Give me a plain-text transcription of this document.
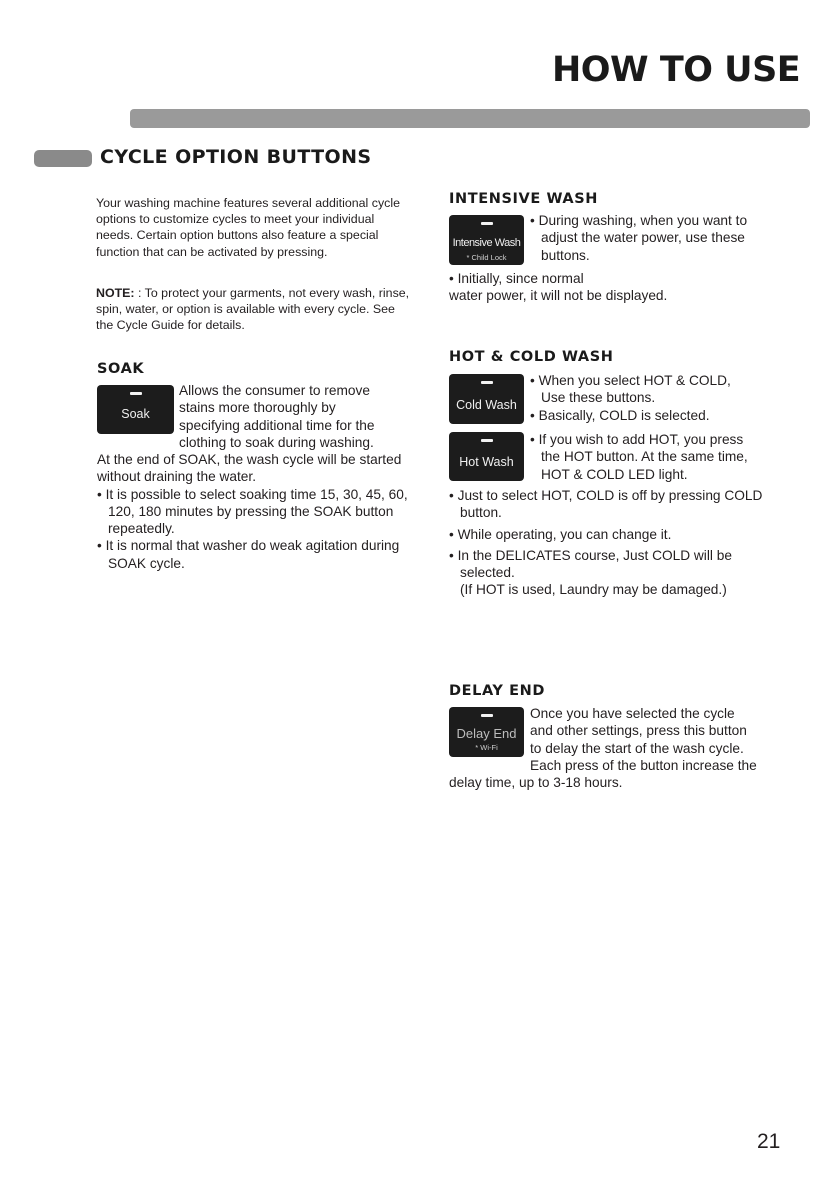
HOW TO USE
CYCLE OPTION BUTTONS
Your washing machine features several additional cycle options to customize cycles to meet your individual needs. Certain option buttons also feature a special function that can be activated by pressing.
NOTE: : To protect your garments, not every wash, rinse, spin, water, or option is available with every cycle. See the Cycle Guide for details.
SOAK
Soak

Allows the consumer to remove

stains more thoroughly by

specifying additional time for the

clothing to soak during washing.

At the end of SOAK, the wash cycle will be started without draining the water.

• It is possible to select soaking time 15, 30, 45, 60, 120, 180 minutes by pressing the SOAK button repeatedly.

• It is normal that washer do weak agitation during SOAK cycle.

INTENSIVE WASH
Intensive Wash
* Child Lock

• During washing, when you want to

adjust the water power, use these

buttons.

• Initially, since normal

water power, it will not be displayed.

HOT & COLD WASH
Cold Wash

• When you select HOT & COLD,

Use these buttons.

• Basically, COLD is selected.

Hot Wash

• If you wish to add HOT, you press

the HOT button. At the same time,

HOT & COLD LED light.

• Just to select HOT, COLD is off by pressing COLD button.

• While operating, you can change it.

• In the DELICATES course, Just COLD will be selected.

(If HOT is used, Laundry may be damaged.)

DELAY END
Delay End
* Wi-Fi

Once you have selected the cycle

and other settings, press this button

to delay the start of the wash cycle.

Each press of the button increase the

delay time, up to 3-18 hours.
21
